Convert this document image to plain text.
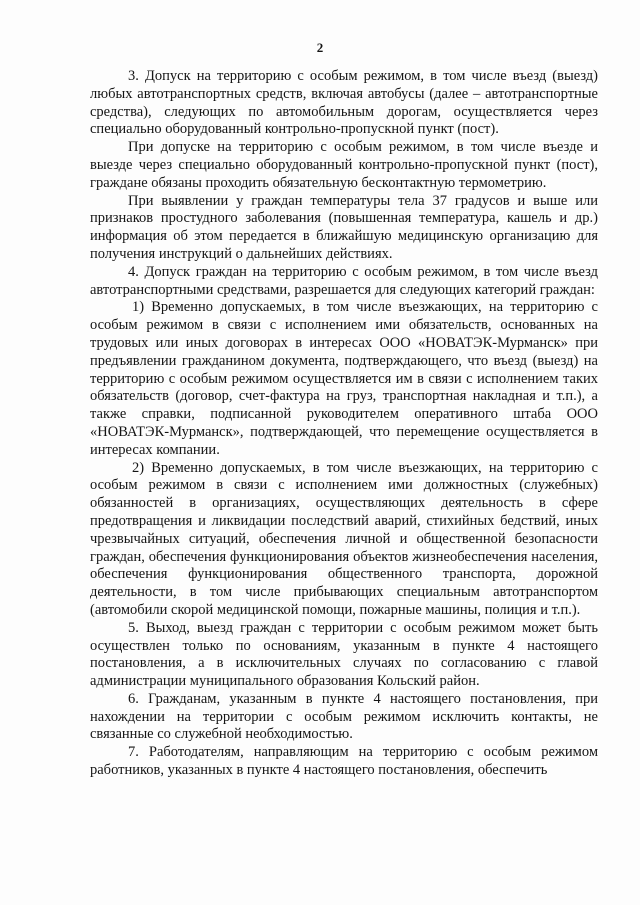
2

3. Допуск на территорию с особым режимом, в том числе въезд (выезд) любых автотранспортных средств, включая автобусы (далее – автотранспортные средства), следующих по автомобильным дорогам, осуществляется через специально оборудованный контрольно-пропускной пункт (пост).

При допуске на территорию с особым режимом, в том числе въезде и выезде через специально оборудованный контрольно-пропускной пункт (пост), граждане обязаны проходить обязательную бесконтактную термометрию.

При выявлении у граждан температуры тела 37 градусов и выше или признаков простудного заболевания (повышенная температура, кашель и др.) информация об этом передается в ближайшую медицинскую организацию для получения инструкций о дальнейших действиях.

4. Допуск граждан на территорию с особым режимом, в том числе въезд автотранспортными средствами, разрешается для следующих категорий граждан:

1) Временно допускаемых, в том числе въезжающих, на территорию с особым режимом в связи с исполнением ими обязательств, основанных на трудовых или иных договорах в интересах ООО «НОВАТЭК-Мурманск» при предъявлении гражданином документа, подтверждающего, что въезд (выезд) на территорию с особым режимом осуществляется им в связи с исполнением таких обязательств (договор, счет-фактура на груз, транспортная накладная и т.п.), а также справки, подписанной руководителем оперативного штаба ООО «НОВАТЭК-Мурманск», подтверждающей, что перемещение осуществляется в интересах компании.

2) Временно допускаемых, в том числе въезжающих, на территорию с особым режимом в связи с исполнением ими должностных (служебных) обязанностей в организациях, осуществляющих деятельность в сфере предотвращения и ликвидации последствий аварий, стихийных бедствий, иных чрезвычайных ситуаций, обеспечения личной и общественной безопасности граждан, обеспечения функционирования объектов жизнеобеспечения населения, обеспечения функционирования общественного транспорта, дорожной деятельности, в том числе прибывающих специальным автотранспортом (автомобили скорой медицинской помощи, пожарные машины, полиция и т.п.).

5. Выход, выезд граждан с территории с особым режимом может быть осуществлен только по основаниям, указанным в пункте 4 настоящего постановления, а в исключительных случаях по согласованию с главой администрации муниципального образования Кольский район.

6. Гражданам, указанным в пункте 4 настоящего постановления, при нахождении на территории с особым режимом исключить контакты, не связанные со служебной необходимостью.

7. Работодателям, направляющим на территорию с особым режимом работников, указанных в пункте 4 настоящего постановления, обеспечить
